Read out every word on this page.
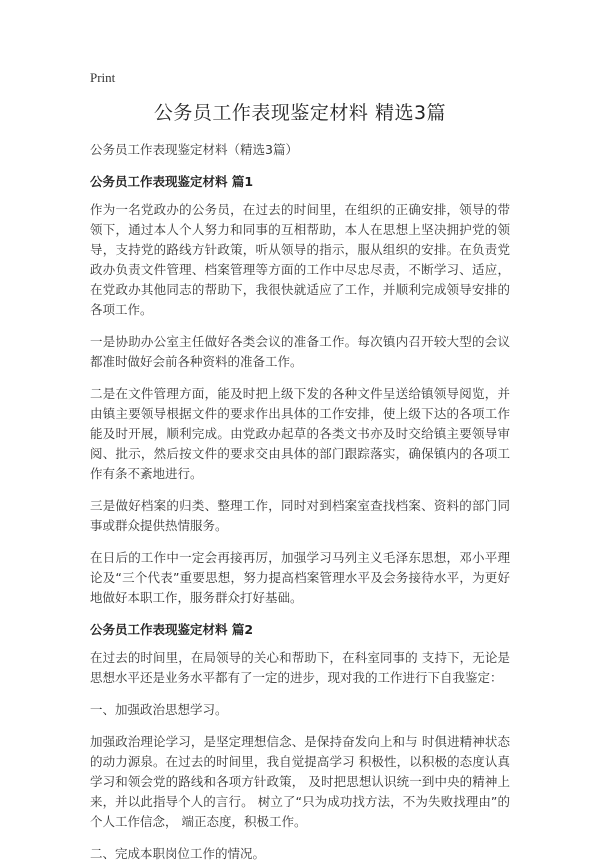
Print
公务员工作表现鉴定材料 精选3篇
公务员工作表现鉴定材料（精选3篇）
公务员工作表现鉴定材料 篇1

作为一名党政办的公务员，在过去的时间里，在组织的正确安排，领导的带领下，通过本人个人努力和同事的互相帮助，本人在思想上坚决拥护党的领导，支持党的路线方针政策，听从领导的指示，服从组织的安排。在负责党政办负责文件管理、档案管理等方面的工作中尽忠尽责，不断学习、适应，在党政办其他同志的帮助下，我很快就适应了工作，并顺利完成领导安排的各项工作。

一是协助办公室主任做好各类会议的准备工作。每次镇内召开较大型的会议都准时做好会前各种资料的准备工作。

二是在文件管理方面，能及时把上级下发的各种文件呈送给镇领导阅览，并由镇主要领导根据文件的要求作出具体的工作安排，使上级下达的各项工作能及时开展，顺利完成。由党政办起草的各类文书亦及时交给镇主要领导审阅、批示，然后按文件的要求交由具体的部门跟踪落实，确保镇内的各项工作有条不紊地进行。

三是做好档案的归类、整理工作，同时对到档案室查找档案、资料的部门同事或群众提供热情服务。

在日后的工作中一定会再接再厉，加强学习马列主义毛泽东思想，邓小平理论及“三个代表”重要思想，努力提高档案管理水平及会务接待水平，为更好地做好本职工作，服务群众打好基础。

公务员工作表现鉴定材料 篇2

在过去的时间里，在局领导的关心和帮助下，在科室同事的 支持下，无论是思想水平还是业务水平都有了一定的进步，现对我的工作进行下自我鉴定：

一、加强政治思想学习。

加强政治理论学习，是坚定理想信念、是保持奋发向上和与 时俱进精神状态的动力源泉。在过去的时间里，我自觉提高学习 积极性，以积极的态度认真学习和领会党的路线和各项方针政策， 及时把思想认识统一到中央的精神上来，并以此指导个人的言行。 树立了“只为成功找方法，不为失败找理由”的个人工作信念， 端正态度，积极工作。

二、完成本职岗位工作的情况。
